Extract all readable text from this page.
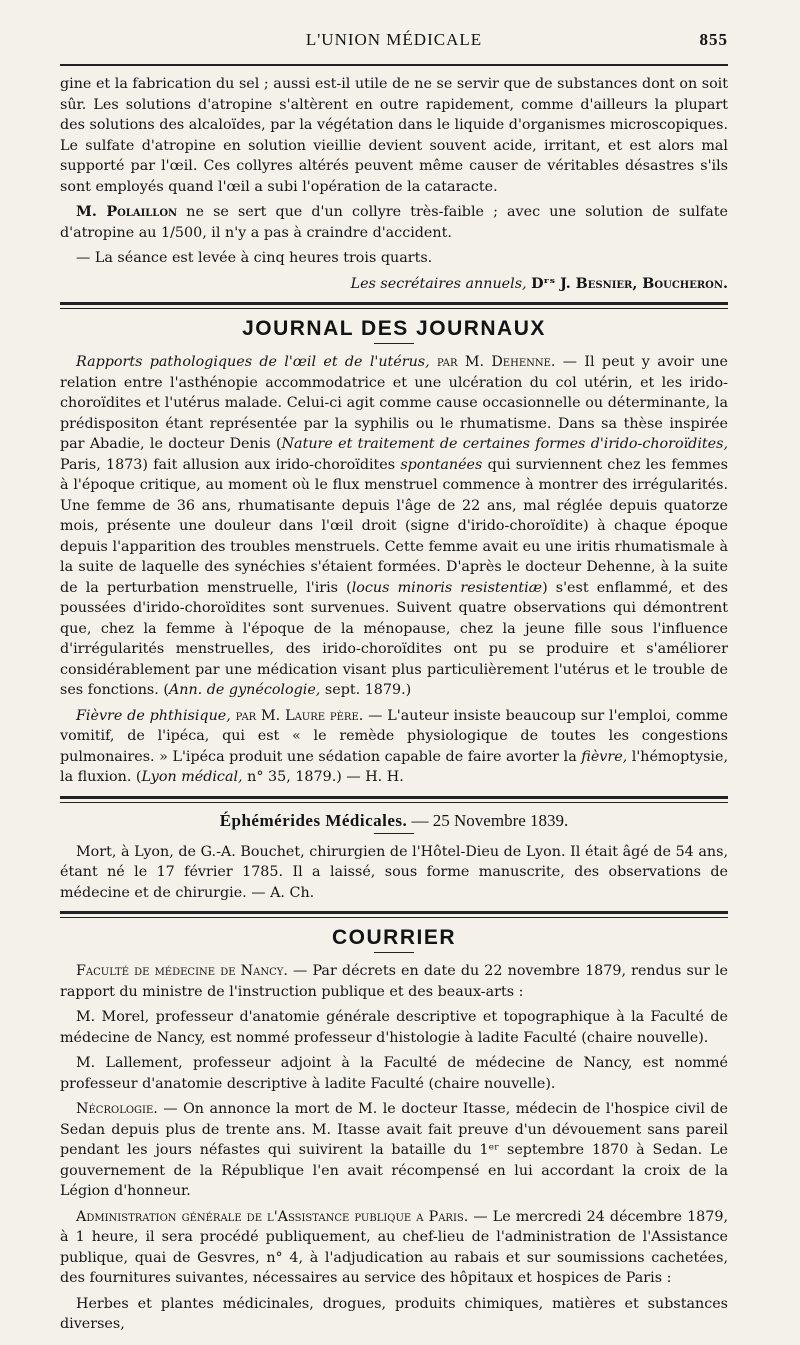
L'UNION MÉDICALE	855

gine et la fabrication du sel ; aussi est-il utile de ne se servir que de substances dont on soit sûr. Les solutions d'atropine s'altèrent en outre rapidement, comme d'ailleurs la plupart des solutions des alcaloïdes, par la végétation dans le liquide d'organismes microscopiques. Le sulfate d'atropine en solution vieillie devient souvent acide, irritant, et est alors mal supporté par l'œil. Ces collyres altérés peuvent même causer de véritables désastres s'ils sont employés quand l'œil a subi l'opération de la cataracte.

M. Polaillon ne se sert que d'un collyre très-faible ; avec une solution de sulfate d'atropine au 1/500, il n'y a pas à craindre d'accident.

— La séance est levée à cinq heures trois quarts.

Les secrétaires annuels, Dʳˢ J. Besnier, Boucheron.

JOURNAL DES JOURNAUX

Rapports pathologiques de l'œil et de l'utérus, par M. Dehenne. — Il peut y avoir une relation entre l'asthénopie accommodatrice et une ulcération du col utérin, et les irido-choroïdites et l'utérus malade. Celui-ci agit comme cause occasionnelle ou déterminante, la prédispositon étant représentée par la syphilis ou le rhumatisme. Dans sa thèse inspirée par Abadie, le docteur Denis (Nature et traitement de certaines formes d'irido-choroïdites, Paris, 1873) fait allusion aux irido-choroïdites spontanées qui surviennent chez les femmes à l'époque critique, au moment où le flux menstruel commence à montrer des irrégularités. Une femme de 36 ans, rhumatisante depuis l'âge de 22 ans, mal réglée depuis quatorze mois, présente une douleur dans l'œil droit (signe d'irido-choroïdite) à chaque époque depuis l'apparition des troubles menstruels. Cette femme avait eu une iritis rhumatismale à la suite de laquelle des synéchies s'étaient formées. D'après le docteur Dehenne, à la suite de la perturbation menstruelle, l'iris (locus minoris resistentiæ) s'est enflammé, et des poussées d'irido-choroïdites sont survenues. Suivent quatre observations qui démontrent que, chez la femme à l'époque de la ménopause, chez la jeune fille sous l'influence d'irrégularités menstruelles, des irido-choroïdites ont pu se produire et s'améliorer considérablement par une médication visant plus particulièrement l'utérus et le trouble de ses fonctions. (Ann. de gynécologie, sept. 1879.)

Fièvre de phthisique, par M. Laure père. — L'auteur insiste beaucoup sur l'emploi, comme vomitif, de l'ipéca, qui est « le remède physiologique de toutes les congestions pulmonaires. » L'ipéca produit une sédation capable de faire avorter la fièvre, l'hémoptysie, la fluxion. (Lyon médical, n° 35, 1879.) — H. H.

Éphémérides Médicales. — 25 Novembre 1839.

Mort, à Lyon, de G.-A. Bouchet, chirurgien de l'Hôtel-Dieu de Lyon. Il était âgé de 54 ans, étant né le 17 février 1785. Il a laissé, sous forme manuscrite, des observations de médecine et de chirurgie. — A. Ch.

COURRIER

Faculté de médecine de Nancy. — Par décrets en date du 22 novembre 1879, rendus sur le rapport du ministre de l'instruction publique et des beaux-arts :

M. Morel, professeur d'anatomie générale descriptive et topographique à la Faculté de médecine de Nancy, est nommé professeur d'histologie à ladite Faculté (chaire nouvelle).

M. Lallement, professeur adjoint à la Faculté de médecine de Nancy, est nommé professeur d'anatomie descriptive à ladite Faculté (chaire nouvelle).

Nécrologie. — On annonce la mort de M. le docteur Itasse, médecin de l'hospice civil de Sedan depuis plus de trente ans. M. Itasse avait fait preuve d'un dévouement sans pareil pendant les jours néfastes qui suivirent la bataille du 1ᵉʳ septembre 1870 à Sedan. Le gouvernement de la République l'en avait récompensé en lui accordant la croix de la Légion d'honneur.

Administration générale de l'Assistance publique a Paris. — Le mercredi 24 décembre 1879, à 1 heure, il sera procédé publiquement, au chef-lieu de l'administration de l'Assistance publique, quai de Gesvres, n° 4, à l'adjudication au rabais et sur soumissions cachetées, des fournitures suivantes, nécessaires au service des hôpitaux et hospices de Paris :

Herbes et plantes médicinales, drogues, produits chimiques, matières et substances diverses,
